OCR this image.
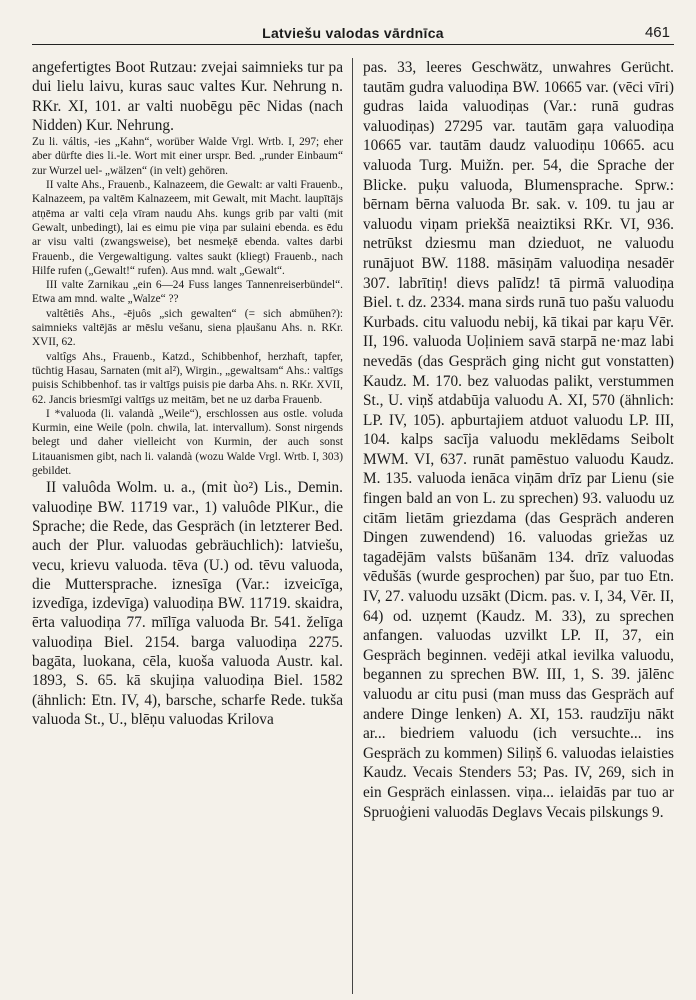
Latviešu valodas vārdnīca	461

angefertigtes Boot Rutzau: zvejai saimnieks tur pa dui lielu laivu, kuras sauc valtes Kur. Nehrung n. RKr. XI, 101. ar valti nuobēgu pēc Nidas (nach Nidden) Kur. Nehrung.

Zu li. váltis, -ies „Kahn“, worüber Walde Vrgl. Wrtb. I, 297; eher aber dürfte dies li.-le. Wort mit einer urspr. Bed. „runder Einbaum“ zur Wurzel uel- „wälzen“ (in velt) gehören.

II valte Ahs., Frauenb., Kalnazeem, die Gewalt: ar valti Frauenb., Kalnazeem, pa valtēm Kalnazeem, mit Gewalt, mit Macht. laupītājs atņēma ar valti ceļa vīram naudu Ahs. kungs grib par valti (mit Gewalt, unbedingt), lai es eimu pie viņa par sulaini ebenda. es ēdu ar visu valti (zwangsweise), bet nesmeķē ebenda. valtes darbi Frauenb., die Vergewaltigung. valtes saukt (kliegt) Frauenb., nach Hilfe rufen („Gewalt!“ rufen). Aus mnd. walt „Gewalt“.

III valte Zarnikau „ein 6—24 Fuss langes Tannenreiserbündel“. Etwa am mnd. walte „Walze“ ??

valtêtiês Ahs., -ējuôs „sich gewalten“ (= sich abmühen?): saimnieks valtējās ar mēslu vešanu, siena pļaušanu Ahs. n. RKr. XVII, 62.

valtîgs Ahs., Frauenb., Katzd., Schibbenhof, herzhaft, tapfer, tüchtig Hasau, Sarnaten (mit al²), Wirgin., „gewaltsam“ Ahs.: valtīgs puisis Schibbenhof. tas ir valtīgs puisis pie darba Ahs. n. RKr. XVII, 62. Jancis briesmīgi valtīgs uz meitām, bet ne uz darba Frauenb.

I *valuoda (li. valandà „Weile“), erschlossen aus ostle. voluda Kurmin, eine Weile (poln. chwila, lat. intervallum). Sonst nirgends belegt und daher vielleicht von Kurmin, der auch sonst Litauanismen gibt, nach li. valandà (wozu Walde Vrgl. Wrtb. I, 303) gebildet.

II valuôda Wolm. u. a., (mit ùo²) Lis., Demin. valuodiņe BW. 11719 var., 1) valuôde PlKur., die Sprache; die Rede, das Gespräch (in letzterer Bed. auch der Plur. valuodas gebräuchlich): latviešu, vecu, krievu valuoda. tēva (U.) od. tēvu valuoda, die Muttersprache. iznesīga (Var.: izveicīga, izvedīga, izdevīga) valuodiņa BW. 11719. skaidra, ērta valuodiņa 77. mīlīga valuoda Br. 541. želīga valuodiņa Biel. 2154. barga valuodiņa 2275. bagāta, luokana, cēla, kuoša valuoda Austr. kal. 1893, S. 65. kā skujiņa valuodiņa Biel. 1582 (ähnlich: Etn. IV, 4), barsche, scharfe Rede. tukša valuoda St., U., blēņu valuodas Krilova

pas. 33, leeres Geschwätz, unwahres Gerücht. tautām gudra valuodiņa BW. 10665 var. (vēci vīri) gudras laida valuodiņas (Var.: runā gudras valuodiņas) 27295 var. tautām gaŗa valuodiņa 10665 var. tautām daudz valuodiņu 10665. acu valuoda Turg. Muižn. per. 54, die Sprache der Blicke. puķu valuoda, Blumensprache. Sprw.: bērnam bērna valuoda Br. sak. v. 109. tu jau ar valuodu viņam priekšā neaiztiksi RKr. VI, 936. netrūkst dziesmu man dzieduot, ne valuodu runājuot BW. 1188. māsiņām valuodiņa nesadēr 307. labrītiņ! dievs palīdz! tā pirmā valuodiņa Biel. t. dz. 2334. mana sirds runā tuo pašu valuodu Kurbads. citu valuodu nebij, kā tikai par kaŗu Vēr. II, 196. valuoda Uoļiniem savā starpā ne·maz labi nevedās (das Gespräch ging nicht gut vonstatten) Kaudz. M. 170. bez valuodas palikt, verstummen St., U. viņš atdabūja valuodu A. XI, 570 (ähnlich: LP. IV, 105). apburtajiem atduot valuodu LP. III, 104. kalps sacīja valuodu meklēdams Seibolt MWM. VI, 637. runāt pamēstuo valuodu Kaudz. M. 135. valuoda ienāca viņām drīz par Lienu (sie fingen bald an von L. zu sprechen) 93. valuodu uz citām lietām griezdama (das Gespräch anderen Dingen zuwendend) 16. valuodas griežas uz tagadējām valsts būšanām 134. drīz valuodas vēdušās (wurde gesprochen) par šuo, par tuo Etn. IV, 27. valuodu uzsākt (Dicm. pas. v. I, 34, Vēr. II, 64) od. uzņemt (Kaudz. M. 33), zu sprechen anfangen. valuodas uzvilkt LP. II, 37, ein Gespräch beginnen. vedēji atkal ievilka valuodu, begannen zu sprechen BW. III, 1, S. 39. jālēnc valuodu ar citu pusi (man muss das Gespräch auf andere Dinge lenken) A. XI, 153. raudzīju nākt ar... biedriem valuodu (ich versuchte... ins Gespräch zu kommen) Siliņš 6. valuodas ielaisties Kaudz. Vecais Stenders 53; Pas. IV, 269, sich in ein Gespräch einlassen. viņa... ielaidās par tuo ar Spruoģieni valuodās Deglavs Vecais pilskungs 9.
